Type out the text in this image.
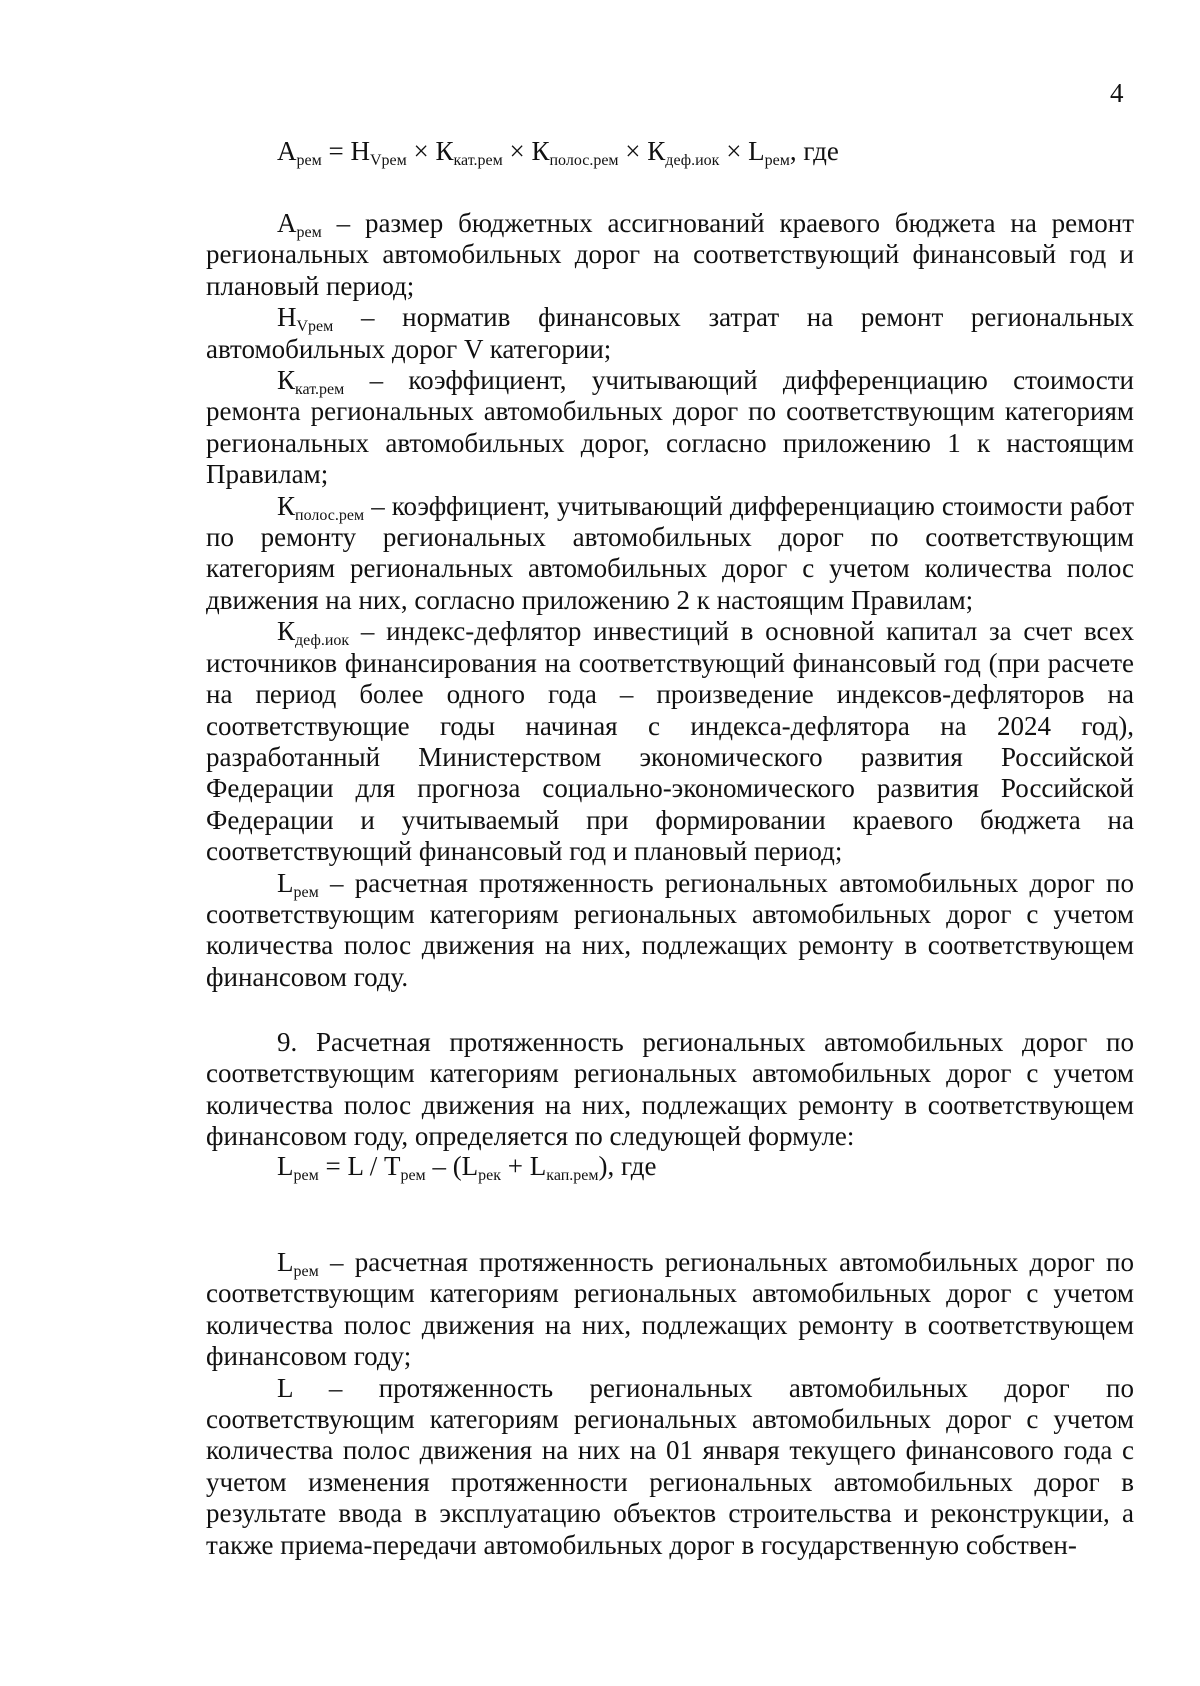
4
$А_{рем} = Н_{Vрем} \times К_{кат.рем} \times К_{полос.рем} \times К_{деф.иок} \times L_{рем}$, где

$А_{рем}$ – размер бюджетных ассигнований краевого бюджета на ремонт региональных автомобильных дорог на соответствующий финансовый год и плановый период;

$Н_{Vрем}$ – норматив финансовых затрат на ремонт региональных автомобильных дорог V категории;

$К_{кат.рем}$ – коэффициент, учитывающий дифференциацию стоимости ремонта региональных автомобильных дорог по соответствующим категориям региональных автомобильных дорог, согласно приложению 1 к настоящим Правилам;

$К_{полос.рем}$ – коэффициент, учитывающий дифференциацию стоимости работ по ремонту региональных автомобильных дорог по соответствующим категориям региональных автомобильных дорог с учетом количества полос движения на них, согласно приложению 2 к настоящим Правилам;

$К_{деф.иок}$ – индекс-дефлятор инвестиций в основной капитал за счет всех источников финансирования на соответствующий финансовый год (при расчете на период более одного года – произведение индексов-дефляторов на соответствующие годы начиная с индекса-дефлятора на 2024 год), разработанный Министерством экономического развития Российской Федерации для прогноза социально-экономического развития Российской Федерации и учитываемый при формировании краевого бюджета на соответствующий финансовый год и плановый период;

$L_{рем}$ – расчетная протяженность региональных автомобильных дорог по соответствующим категориям региональных автомобильных дорог с учетом количества полос движения на них, подлежащих ремонту в соответствующем финансовом году.

9. Расчетная протяженность региональных автомобильных дорог по соответствующим категориям региональных автомобильных дорог с учетом количества полос движения на них, подлежащих ремонту в соответствующем финансовом году, определяется по следующей формуле:

$L_{рем} = L / Т_{рем} - (L_{рек} + L_{кап.рем})$, где

$L_{рем}$ – расчетная протяженность региональных автомобильных дорог по соответствующим категориям региональных автомобильных дорог с учетом количества полос движения на них, подлежащих ремонту в соответствующем финансовом году;

L – протяженность региональных автомобильных дорог по соответствующим категориям региональных автомобильных дорог с учетом количества полос движения на них на 01 января текущего финансового года с учетом изменения протяженности региональных автомобильных дорог в результате ввода в эксплуатацию объектов строительства и реконструкции, а также приема-передачи автомобильных дорог в государственную собствен-
